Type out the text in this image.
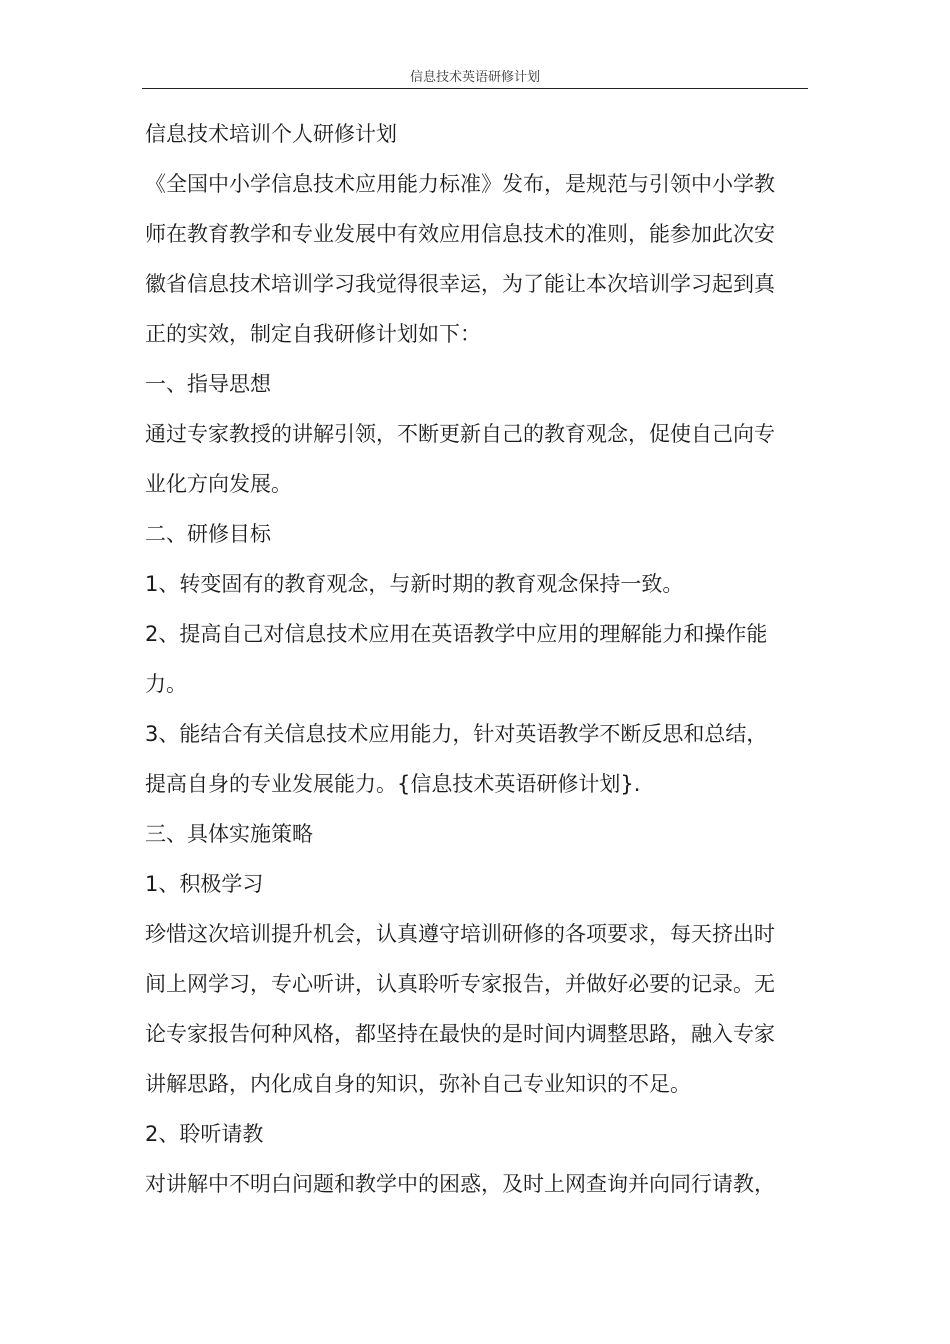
信息技术英语研修计划
信息技术培训个人研修计划
《全国中小学信息技术应用能力标准》发布，是规范与引领中小学教
师在教育教学和专业发展中有效应用信息技术的准则，能参加此次安
徽省信息技术培训学习我觉得很幸运，为了能让本次培训学习起到真
正的实效，制定自我研修计划如下：
一、指导思想
通过专家教授的讲解引领，不断更新自己的教育观念，促使自己向专
业化方向发展。
二、研修目标
1、转变固有的教育观念，与新时期的教育观念保持一致。
2、提高自己对信息技术应用在英语教学中应用的理解能力和操作能
力。
3、能结合有关信息技术应用能力，针对英语教学不断反思和总结，
提高自身的专业发展能力。{信息技术英语研修计划}.
三、具体实施策略
1、积极学习
珍惜这次培训提升机会，认真遵守培训研修的各项要求，每天挤出时
间上网学习，专心听讲，认真聆听专家报告，并做好必要的记录。无
论专家报告何种风格，都坚持在最快的是时间内调整思路，融入专家
讲解思路，内化成自身的知识，弥补自己专业知识的不足。
2、聆听请教
对讲解中不明白问题和教学中的困惑，及时上网查询并向同行请教，
